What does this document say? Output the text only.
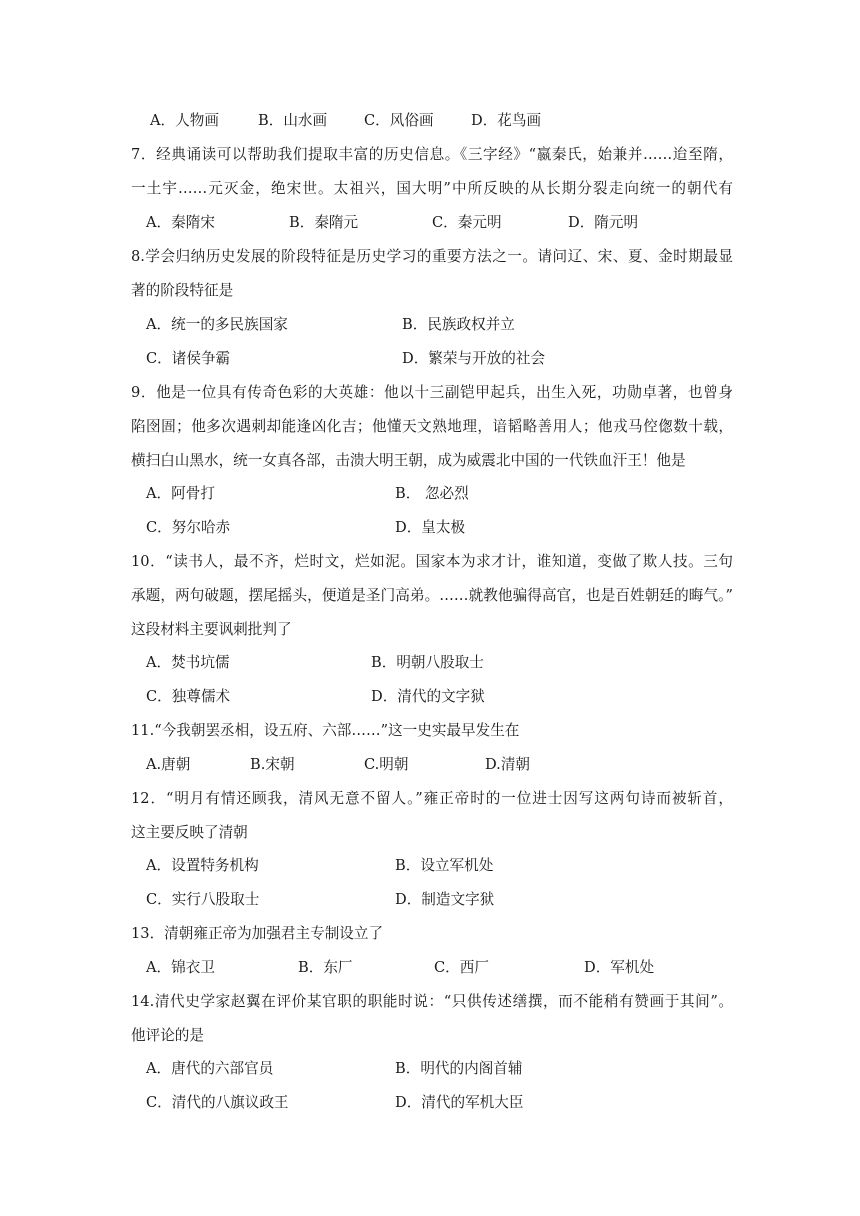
A．人物画	B．山水画	C．风俗画	D．花鸟画
7．经典诵读可以帮助我们提取丰富的历史信息。《三字经》“嬴秦氏，始兼并……迨至隋，
一土宇……元灭金，绝宋世。太祖兴，国大明”中所反映的从长期分裂走向统一的朝代有
A．秦隋宋	B．秦隋元	C．秦元明	D．隋元明
8.学会归纳历史发展的阶段特征是历史学习的重要方法之一。请问辽、宋、夏、金时期最显
著的阶段特征是
A．统一的多民族国家	B．民族政权并立
C．诸侯争霸	D．繁荣与开放的社会
9．他是一位具有传奇色彩的大英雄：他以十三副铠甲起兵，出生入死，功勋卓著，也曾身
陷囹圄；他多次遇刺却能逢凶化吉；他懂天文熟地理，谙韬略善用人；他戎马倥偬数十载，
横扫白山黑水，统一女真各部，击溃大明王朝，成为威震北中国的一代铁血汗王！他是
A．阿骨打	B． 忽必烈
C．努尔哈赤	D．皇太极
10．“读书人，最不齐，烂时文，烂如泥。国家本为求才计，谁知道，变做了欺人技。三句
承题，两句破题，摆尾摇头，便道是圣门高弟。……就教他骗得高官，也是百姓朝廷的晦气。”
这段材料主要讽刺批判了
A．焚书坑儒	B．明朝八股取士
C．独尊儒术	D．清代的文字狱
11.“今我朝罢丞相，设五府、六部……”这一史实最早发生在
A.唐朝	B.宋朝	C.明朝	D.清朝
12．“明月有情还顾我，清风无意不留人。”雍正帝时的一位进士因写这两句诗而被斩首，
这主要反映了清朝
A．设置特务机构	B．设立军机处
C．实行八股取士	D．制造文字狱
13．清朝雍正帝为加强君主专制设立了
A．锦衣卫	B．东厂	C．西厂	D．军机处
14.清代史学家赵翼在评价某官职的职能时说：“只供传述缮撰，而不能稍有赞画于其间”。
他评论的是
A．唐代的六部官员	B．明代的内阁首辅
C．清代的八旗议政王	D．清代的军机大臣
